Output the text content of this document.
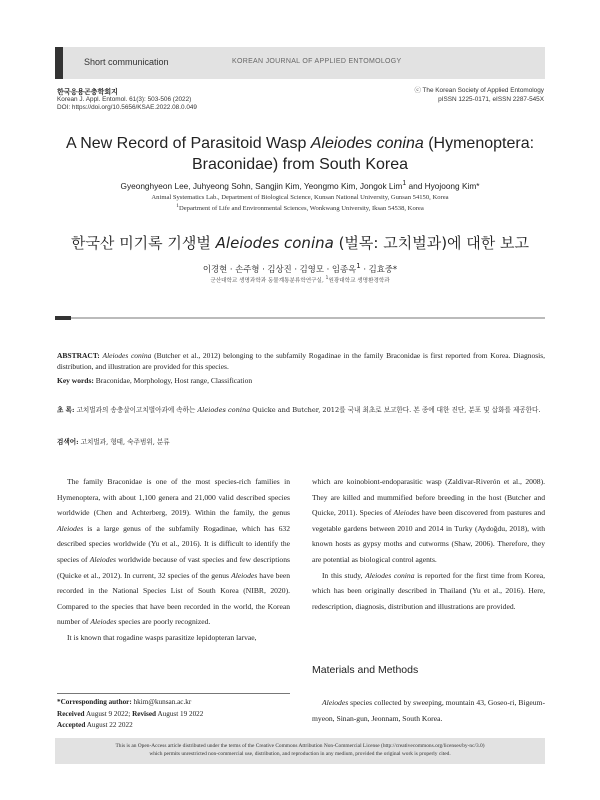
Short communication	KOREAN JOURNAL OF APPLIED ENTOMOLOGY
한국응용곤충학회지
Korean J. Appl. Entomol. 61(3): 503-506 (2022)
DOI: https://doi.org/10.5656/KSAE.2022.08.0.049
ⓒ The Korean Society of Applied Entomology
pISSN 1225-0171, eISSN 2287-545X
A New Record of Parasitoid Wasp Aleiodes conina (Hymenoptera:
Braconidae) from South Korea
Gyeonghyeon Lee, Juhyeong Sohn, Sangjin Kim, Yeongmo Kim, Jongok Lim$^1$ and Hyojoong Kim*
Animal Systematics Lab., Department of Biological Science, Kunsan National University, Gunsan 54150, Korea
$^1$Department of Life and Environmental Sciences, Wonkwang University, Iksan 54538, Korea
한국산 미기록 기생벌 Aleiodes conina (벌목: 고치벌과)에 대한 보고
이경현 · 손주형 · 김상진 · 김영모 · 임종옥$^1$ · 김효중*
군산대학교 생명과학과 동물계통분류학연구실, $^1$원광대학교 생명환경학과
ABSTRACT: Aleiodes conina (Butcher et al., 2012) belonging to the subfamily Rogadinae in the family Braconidae is first reported from Korea. Diagnosis, distribution, and illustration are provided for this species.
Key words: Braconidae, Morphology, Host range, Classification
초 록: 고치벌과의 송충살이고치벌아과에 속하는 Aleiodes conina Quicke and Butcher, 2012를 국내 최초로 보고한다. 본 종에 대한 진단, 분포 및 삽화를 제공한다.
검색어: 고치벌과, 형태, 숙주범위, 분류

The family Braconidae is one of the most species-rich families in Hymenoptera, with about 1,100 genera and 21,000 valid described species worldwide (Chen and Achterberg, 2019). Within the family, the genus Aleiodes is a large genus of the subfamily Rogadinae, which has 632 described species worldwide (Yu et al., 2016). It is difficult to identify the species of Aleiodes worldwide because of vast species and few descriptions (Quicke et al., 2012). In current, 32 species of the genus Aleiodes have been recorded in the National Species List of South Korea (NIBR, 2020). Compared to the species that have been recorded in the world, the Korean number of Aleiodes species are poorly recognized.

It is known that rogadine wasps parasitize lepidopteran larvae,

which are koinobiont-endoparasitic wasp (Zaldivar-Riverón et al., 2008). They are killed and mummified before breeding in the host (Butcher and Quicke, 2011). Species of Aleiodes have been discovered from pastures and vegetable gardens between 2010 and 2014 in Turky (Aydoğdu, 2018), with known hosts as gypsy moths and cutworms (Shaw, 2006). Therefore, they are potential as biological control agents.

In this study, Aleiodes conina is reported for the first time from Korea, which has been originally described in Thailand (Yu et al., 2016). Here, redescription, diagnosis, distribution and illustrations are provided.

Materials and Methods

Aleiodes species collected by sweeping, mountain 43, Goseo-ri, Bigeum-myeon, Sinan-gun, Jeonnam, South Korea.

*Corresponding author: hkim@kunsan.ac.kr
Received August 9 2022; Revised August 19 2022
Accepted August 22 2022
This is an Open-Access article distributed under the terms of the Creative Commons Attribution Non-Commercial License (http://creativecommons.org/licenses/by-nc/3.0)
which permits unrestricted non-commercial use, distribution, and reproduction in any medium, provided the original work is properly cited.
